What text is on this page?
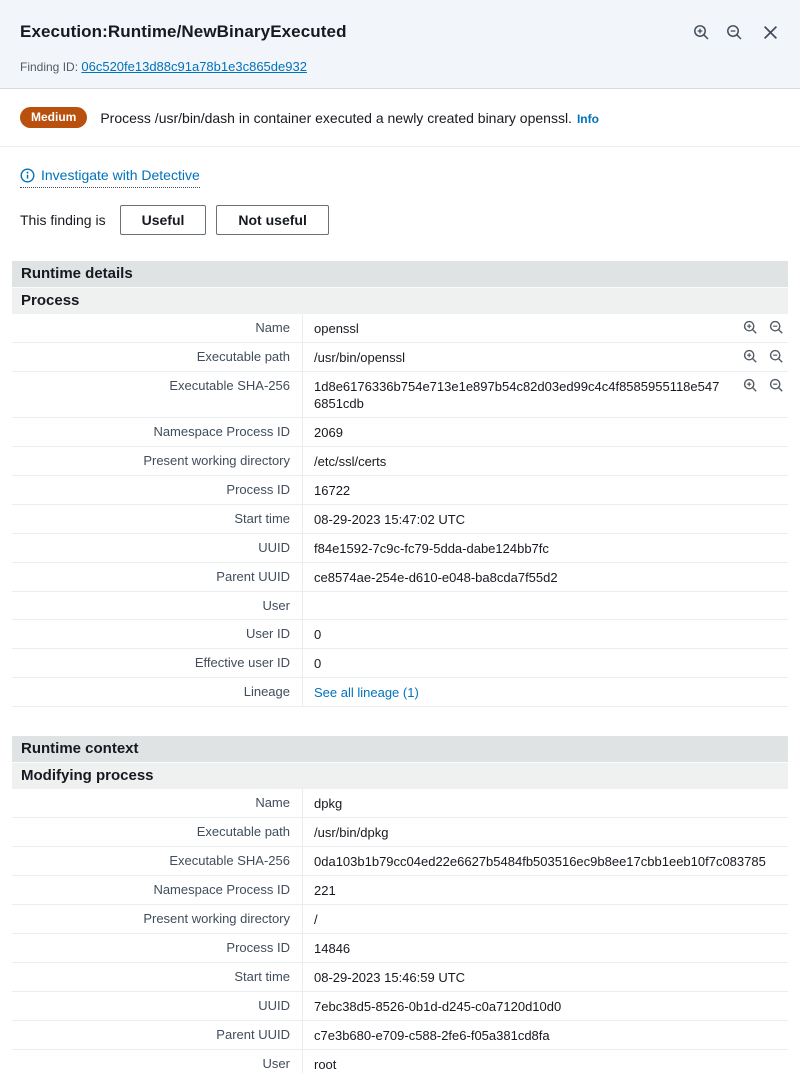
Execution:Runtime/NewBinaryExecuted
Finding ID: 06c520fe13d88c91a78b1e3c865de932
Medium	Process /usr/bin/dash in container executed a newly created binary openssl. Info
Investigate with Detective
This finding is	Useful	Not useful
Runtime details
Process
Name	openssl
Executable path	/usr/bin/openssl
Executable SHA-256	1d8e6176336b754e713e1e897b54c82d03ed99c4c4f8585955118e5476851cdb
Namespace Process ID	2069
Present working directory	/etc/ssl/certs
Process ID	16722
Start time	08-29-2023 15:47:02 UTC
UUID	f84e1592-7c9c-fc79-5dda-dabe124bb7fc
Parent UUID	ce8574ae-254e-d610-e048-ba8cda7f55d2
User
User ID	0
Effective user ID	0
Lineage	See all lineage (1)
Runtime context
Modifying process
Name	dpkg
Executable path	/usr/bin/dpkg
Executable SHA-256	0da103b1b79cc04ed22e6627b5484fb503516ec9b8ee17cbb1eeb10f7c083785
Namespace Process ID	221
Present working directory	/
Process ID	14846
Start time	08-29-2023 15:46:59 UTC
UUID	7ebc38d5-8526-0b1d-d245-c0a7120d10d0
Parent UUID	c7e3b680-e709-c588-2fe6-f05a381cd8fa
User	root
